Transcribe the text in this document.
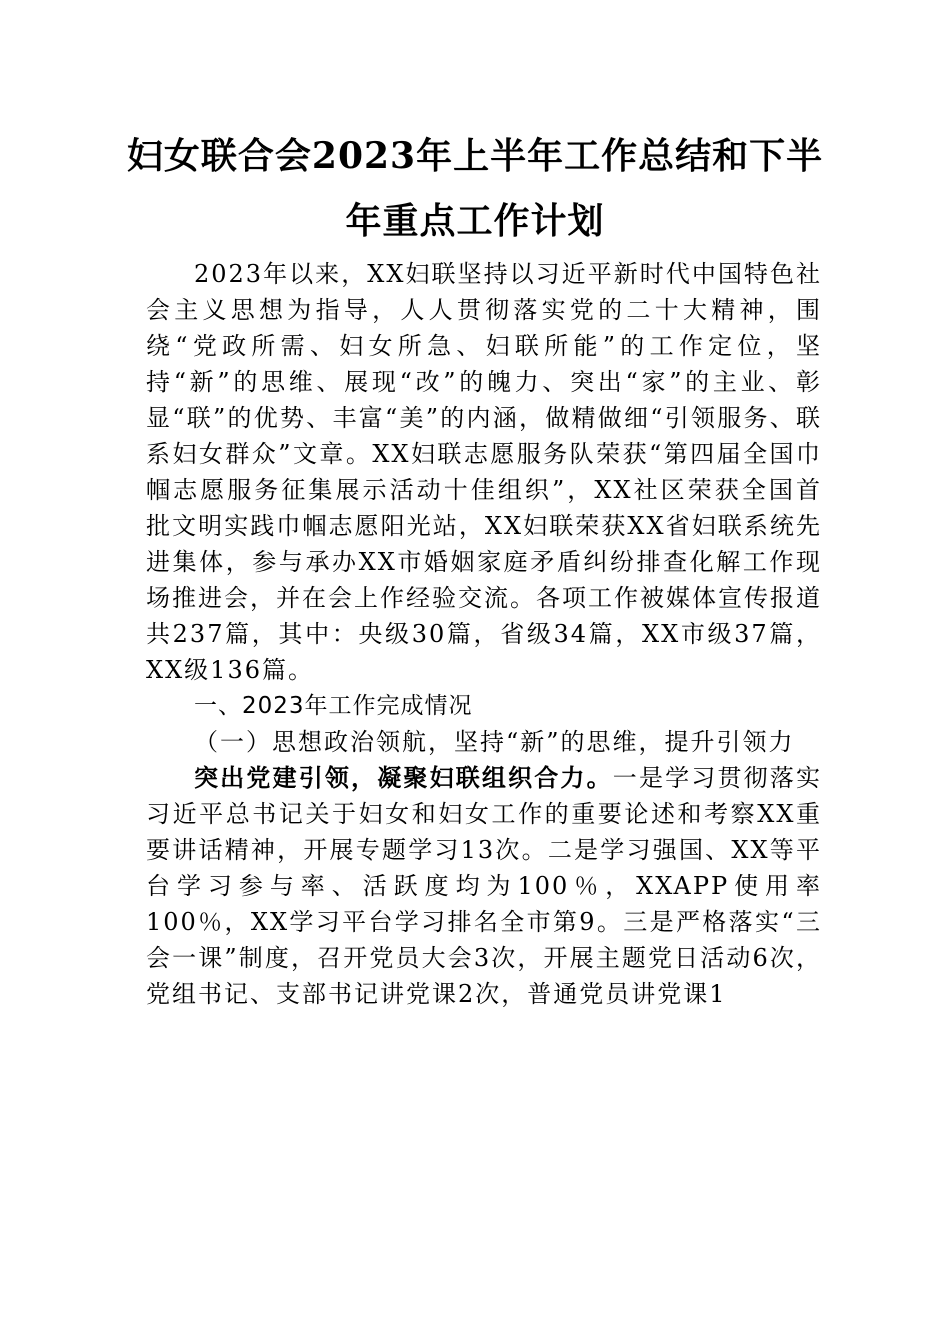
妇女联合会2023年上半年工作总结和下半
年重点工作计划

2023年以来，XX妇联坚持以习近平新时代中国特色社会主义思想为指导，人人贯彻落实党的二十大精神，围绕“党政所需、妇女所急、妇联所能”的工作定位，坚持“新”的思维、展现“改”的魄力、突出“家”的主业、彰显“联”的优势、丰富“美”的内涵，做精做细“引领服务、联系妇女群众”文章。XX妇联志愿服务队荣获“第四届全国巾帼志愿服务征集展示活动十佳组织”，XX社区荣获全国首批文明实践巾帼志愿阳光站，XX妇联荣获XX省妇联系统先进集体，参与承办XX市婚姻家庭矛盾纠纷排查化解工作现场推进会，并在会上作经验交流。各项工作被媒体宣传报道共237篇，其中：央级30篇，省级34篇，XX市级37篇，XX级136篇。

一、2023年工作完成情况

（一）思想政治领航，坚持“新”的思维，提升引领力

突出党建引领，凝聚妇联组织合力。一是学习贯彻落实习近平总书记关于妇女和妇女工作的重要论述和考察XX重要讲话精神，开展专题学习13次。二是学习强国、XX等平台学习参与率、活跃度均为100％，XXAPP使用率100％，XX学习平台学习排名全市第9。三是严格落实“三会一课”制度，召开党员大会3次，开展主题党日活动6次，党组书记、支部书记讲党课2次，普通党员讲党课1
